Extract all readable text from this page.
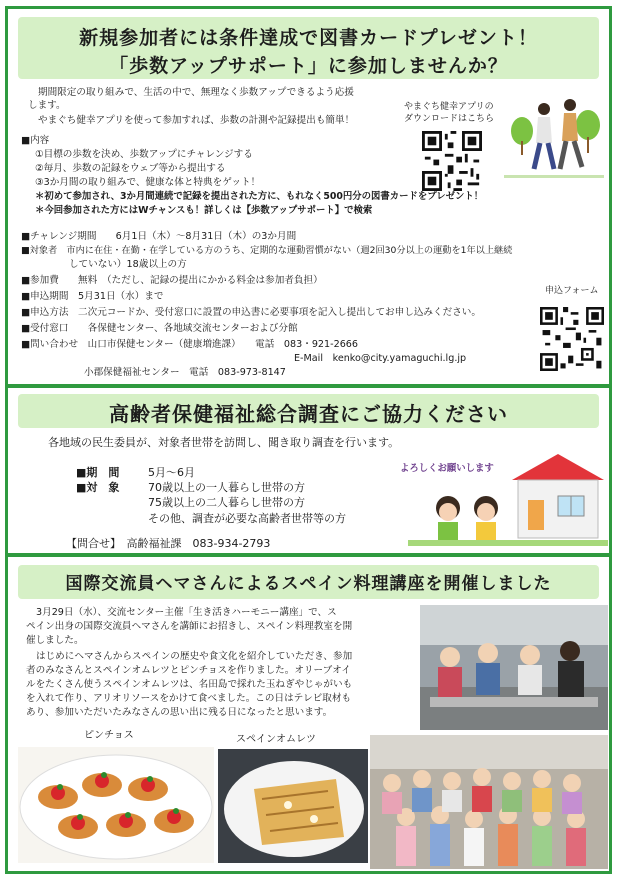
新規参加者には条件達成で図書カードプレゼント！
「歩数アップサポート」に参加しませんか？
期間限定の取り組みで、生活の中で、無理なく歩数アップできるよう応援
します。
やまぐち健幸アプリを使って参加すれば、歩数の計測や記録提出も簡単！
やまぐち健幸アプリの
ダウンロードはこちら
■内容
①目標の歩数を決め、歩数アップにチャレンジする
②毎月、歩数の記録をウェブ等から提出する
③3か月間の取り組みで、健康な体と特典をゲット！
＊初めて参加され、3か月間連続で記録を提出された方に、もれなく500円分の図書カードをプレゼント！
＊今回参加された方にはWチャンスも！詳しくは【歩数アップサポート】で検索
■チャレンジ期間　　6月1日（木）～8月31日（木）の3か月間
■対象者　市内に在住・在勤・在学している方のうち、定期的な運動習慣がない（週2回30分以上の運動を1年以上継続
　　　　　していない）18歳以上の方
■参加費　　無料　（ただし、記録の提出にかかる料金は参加者負担）
申込フォーム
■申込期間　5月31日（水）まで
■申込方法　二次元コードか、受付窓口に設置の申込書に必要事項を記入し提出してお申し込みください。
■受付窓口　　各保健センター、各地域交流センターおよび分館
■問い合わせ　山口市保健センター（健康増進課）　　電話　083・921-2666
E-Mail　kenko@city.yamaguchi.lg.jp
小郡保健福祉センター　電話　083-973-8147
高齢者保健福祉総合調査にご協力ください
各地域の民生委員が、対象者世帯を訪問し、聞き取り調査を行います。
■期　間	5月～6月
■対　象	70歳以上の一人暮らし世帯の方
75歳以上の二人暮らし世帯の方
その他、調査が必要な高齢者世帯等の方
【問合せ】　高齢福祉課　083-934-2793
よろしくお願いします
国際交流員ヘマさんによるスペイン料理講座を開催しました
3月29日（水）、交流センター主催「生き活きハーモニー講座」で、ス
ペイン出身の国際交流員ヘマさんを講師にお招きし、スペイン料理教室を開
催しました。
はじめにヘマさんからスペインの歴史や食文化を紹介していただき、参加
者のみなさんとスペインオムレツとピンチョスを作りました。オリーブオイ
ルをたくさん使うスペインオムレツは、名田島で採れた玉ねぎやじゃがいも
を入れて作り、アリオリソースをかけて食べました。この日はテレビ取材も
あり、参加いただいたみなさんの思い出に残る日になったと思います。
ピンチョス	スペインオムレツ
